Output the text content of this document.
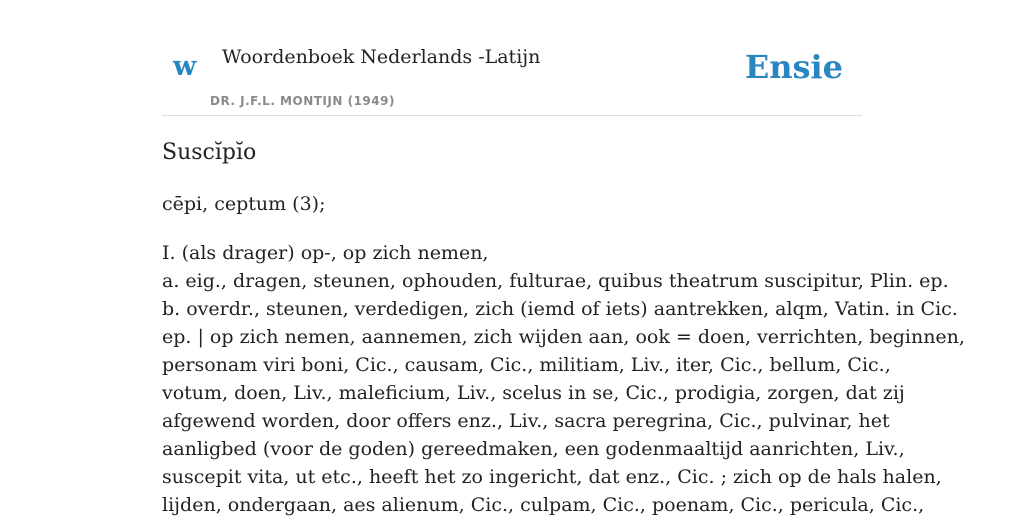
w Woordenboek Nederlands -Latijn
DR. J.F.L. MONTIJN (1949)
Ensie
Suscĭpĭo
cēpi, ceptum (3);
I. (als drager) op-, op zich nemen,
a. eig., dragen, steunen, ophouden, fulturae, quibus theatrum suscipitur, Plin. ep.
b. overdr., steunen, verdedigen, zich (iemd of iets) aantrekken, alqm, Vatin. in Cic.
ep. | op zich nemen, aannemen, zich wijden aan, ook = doen, verrichten, beginnen,
personam viri boni, Cic., causam, Cic., militiam, Liv., iter, Cic., bellum, Cic.,
votum, doen, Liv., maleficium, Liv., scelus in se, Cic., prodigia, zorgen, dat zij
afgewend worden, door offers enz., Liv., sacra peregrina, Cic., pulvinar, het
aanligbed (voor de goden) gereedmaken, een godenmaaltijd aanrichten, Liv.,
suscepit vita, ut etc., heeft het zo ingericht, dat enz., Cic. ; zich op de hals halen,
lijden, ondergaan, aes alienum, Cic., culpam, Cic., poenam, Cic., pericula, Cic.,
